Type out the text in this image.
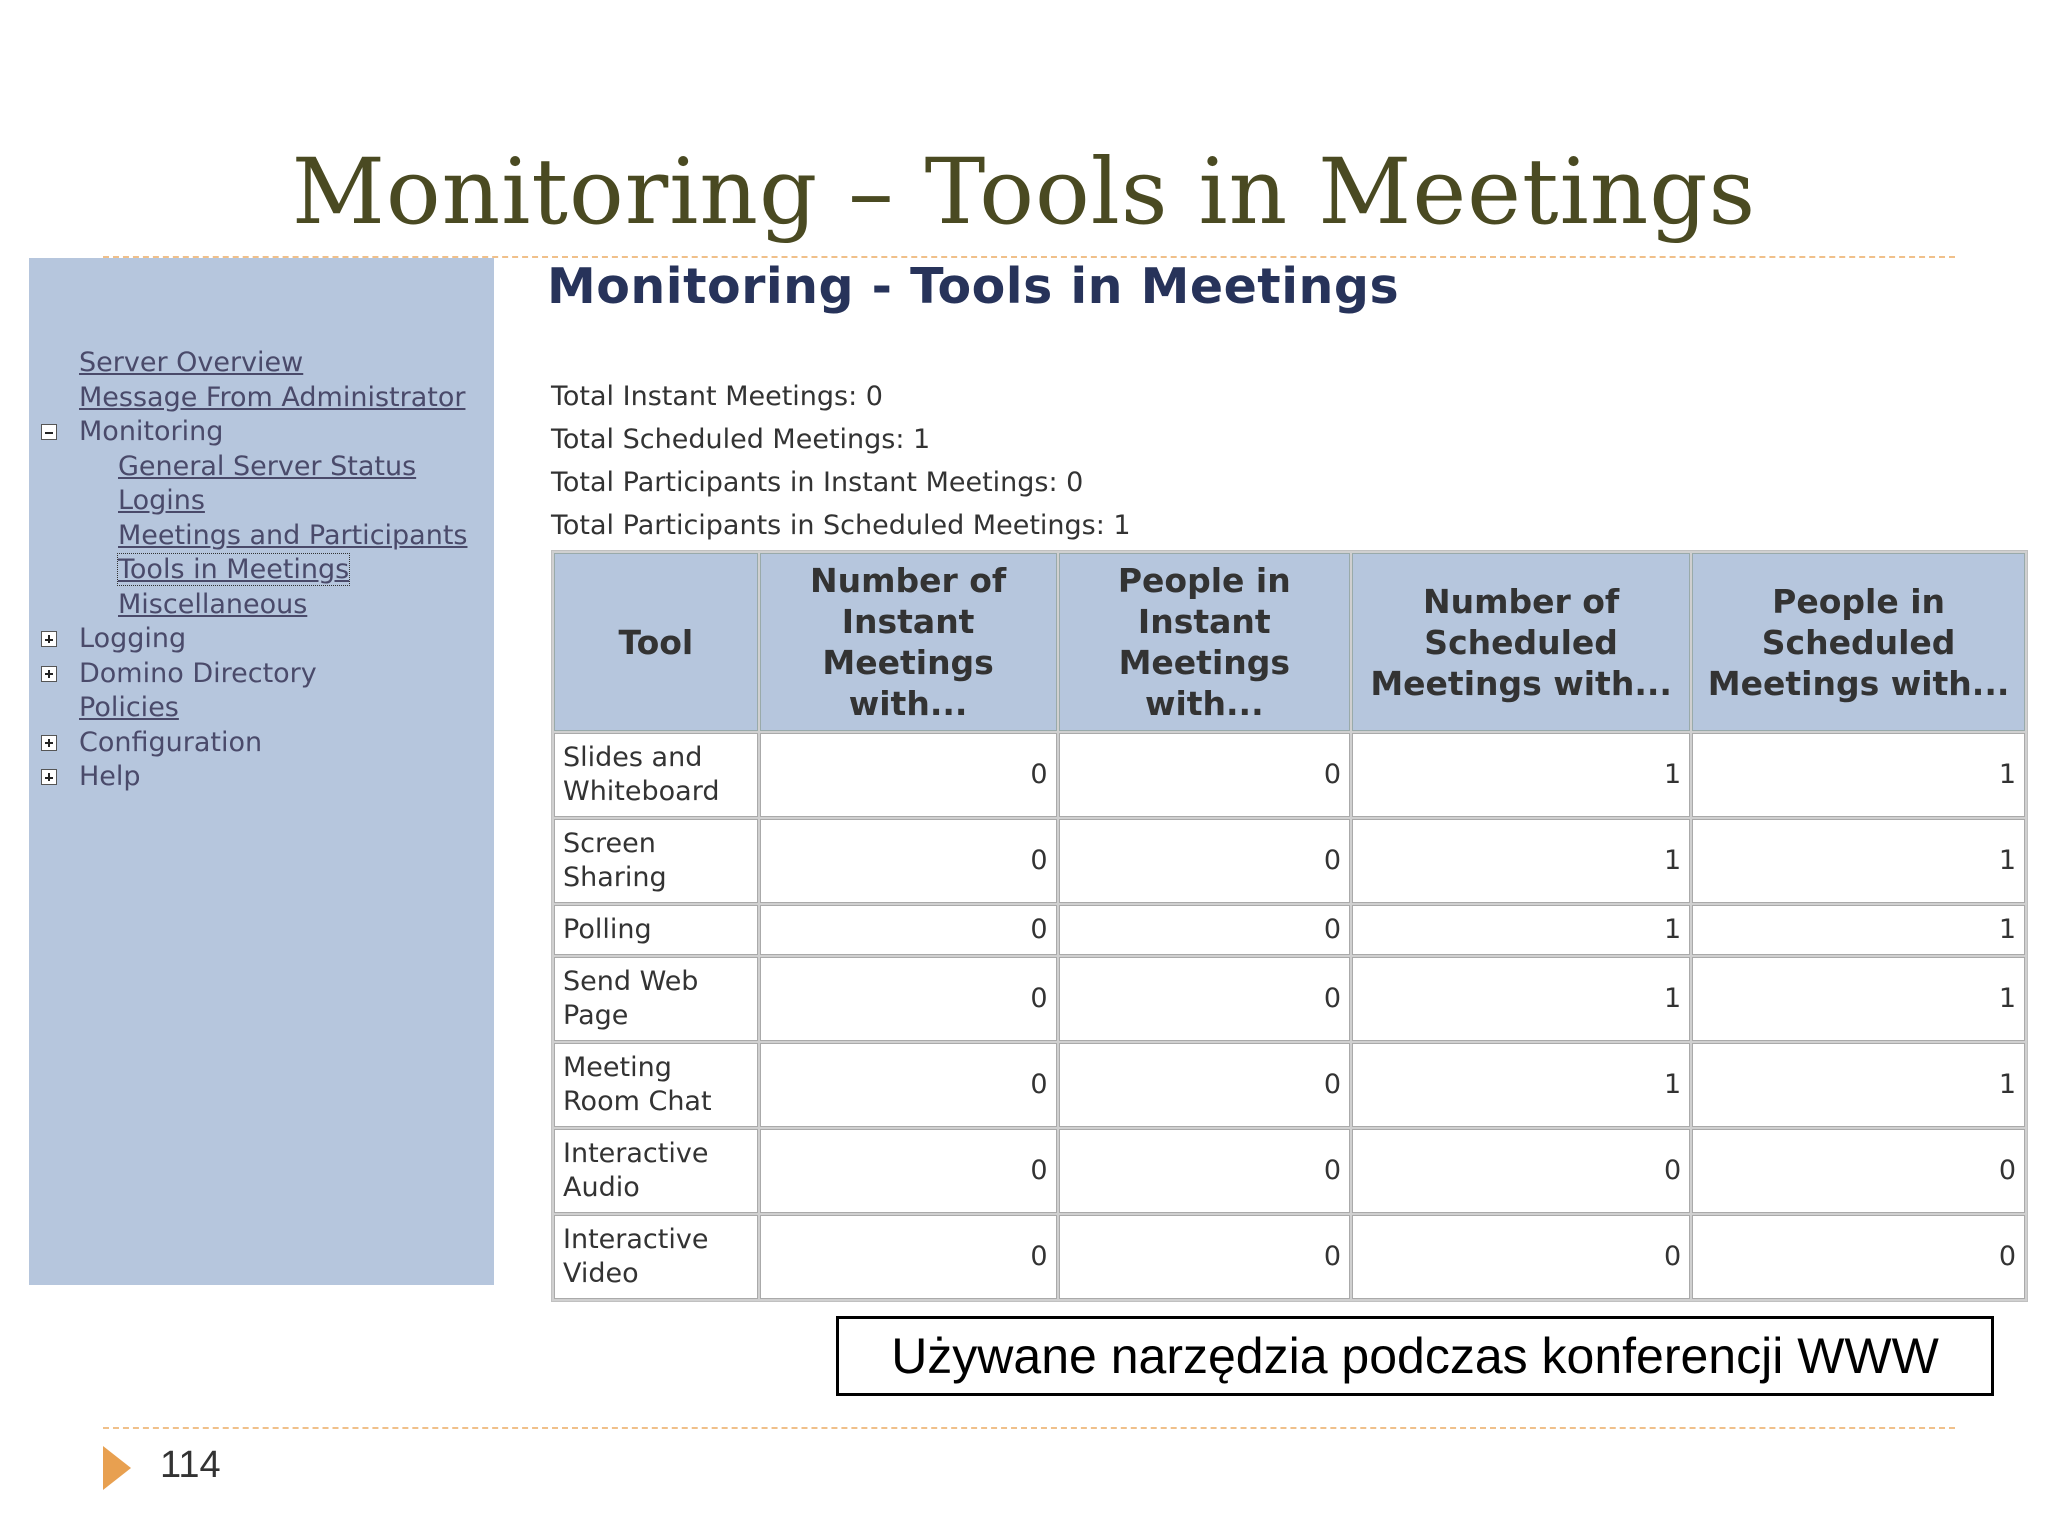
Monitoring – Tools in Meetings
Server Overview
Message From Administrator
Monitoring
General Server Status
Logins
Meetings and Participants
Tools in Meetings
Miscellaneous
Logging
Domino Directory
Policies
Configuration
Help
Monitoring - Tools in Meetings
Total Instant Meetings: 0
Total Scheduled Meetings: 1
Total Participants in Instant Meetings: 0
Total Participants in Scheduled Meetings: 1
Tool	Number of Instant Meetings with...	People in Instant Meetings with...	Number of Scheduled Meetings with...	People in Scheduled Meetings with...
Slides and Whiteboard	0	0	1	1
Screen Sharing	0	0	1	1
Polling	0	0	1	1
Send Web Page	0	0	1	1
Meeting Room Chat	0	0	1	1
Interactive Audio	0	0	0	0
Interactive Video	0	0	0	0
Używane narzędzia podczas konferencji WWW
114
